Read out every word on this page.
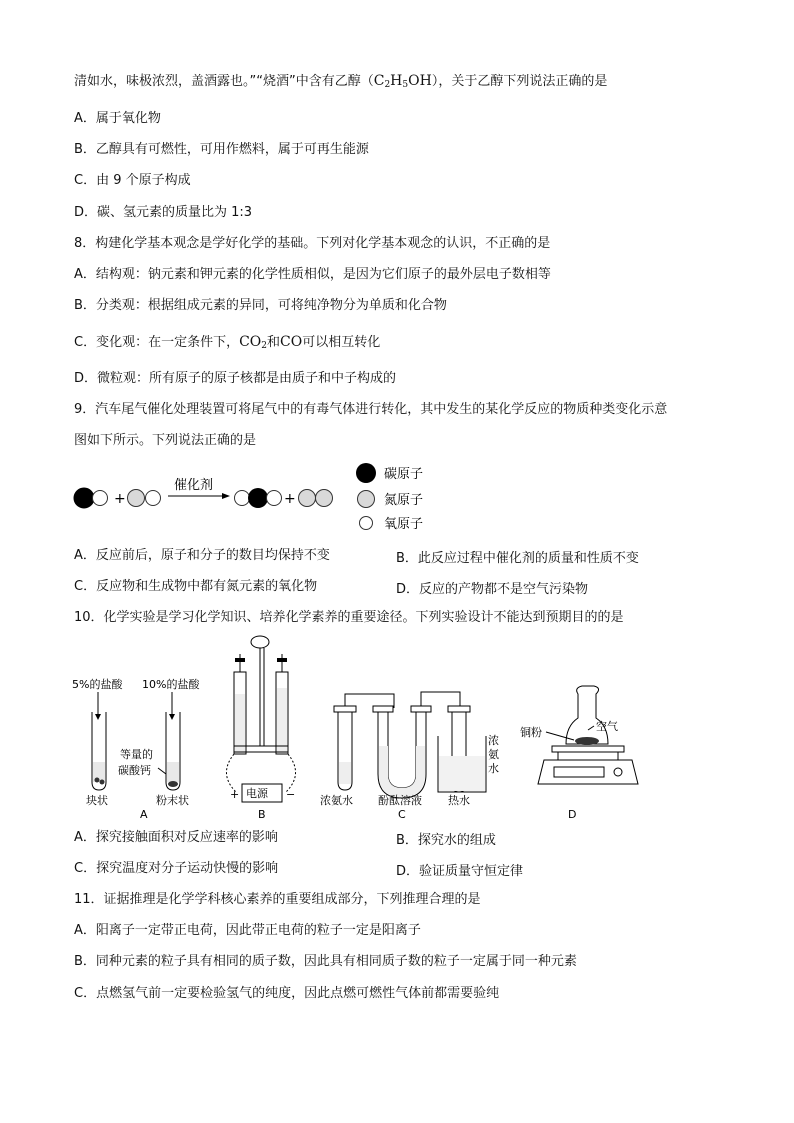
清如水，味极浓烈，盖酒露也。”“烧酒”中含有乙醇$(C_2H_5OH)$，关于乙醇下列说法正确的是
A．属于氧化物
B．乙醇具有可燃性，可用作燃料，属于可再生能源
C．由 9 个原子构成
D．碳、氢元素的质量比为 1:3
8．构建化学基本观念是学好化学的基础。下列对化学基本观念的认识，不正确的是
A．结构观：钠元素和钾元素的化学性质相似，是因为它们原子的最外层电子数相等
B．分类观：根据组成元素的异同，可将纯净物分为单质和化合物
C．变化观：在一定条件下，$CO_2$和CO可以相互转化
D．微粒观：所有原子的原子核都是由质子和中子构成的
9．汽车尾气催化处理装置可将尾气中的有毒气体进行转化，其中发生的某化学反应的物质种类变化示意
图如下所示。下列说法正确的是
+
催化剂
+
碳原子
氮原子
氧原子
A．反应前后，原子和分子的数目均保持不变	B．此反应过程中催化剂的质量和性质不变
C．反应物和生成物中都有氮元素的氧化物	D．反应的产物都不是空气污染物
10．化学实验是学习化学知识、培养化学素养的重要途径。下列实验设计不能达到预期目的的是
5%的盐酸 10%的盐酸
等量的
碳酸钙
块状	粉末状
A
+ 电源 −
B
浓
氨
水
浓氨水 酚酞溶液 热水
C
铜粉	空气
D
A．探究接触面积对反应速率的影响	B．探究水的组成
C．探究温度对分子运动快慢的影响	D．验证质量守恒定律
11．证据推理是化学学科核心素养的重要组成部分，下列推理合理的是
A．阳离子一定带正电荷，因此带正电荷的粒子一定是阳离子
B．同种元素的粒子具有相同的质子数，因此具有相同质子数的粒子一定属于同一种元素
C．点燃氢气前一定要检验氢气的纯度，因此点燃可燃性气体前都需要验纯
